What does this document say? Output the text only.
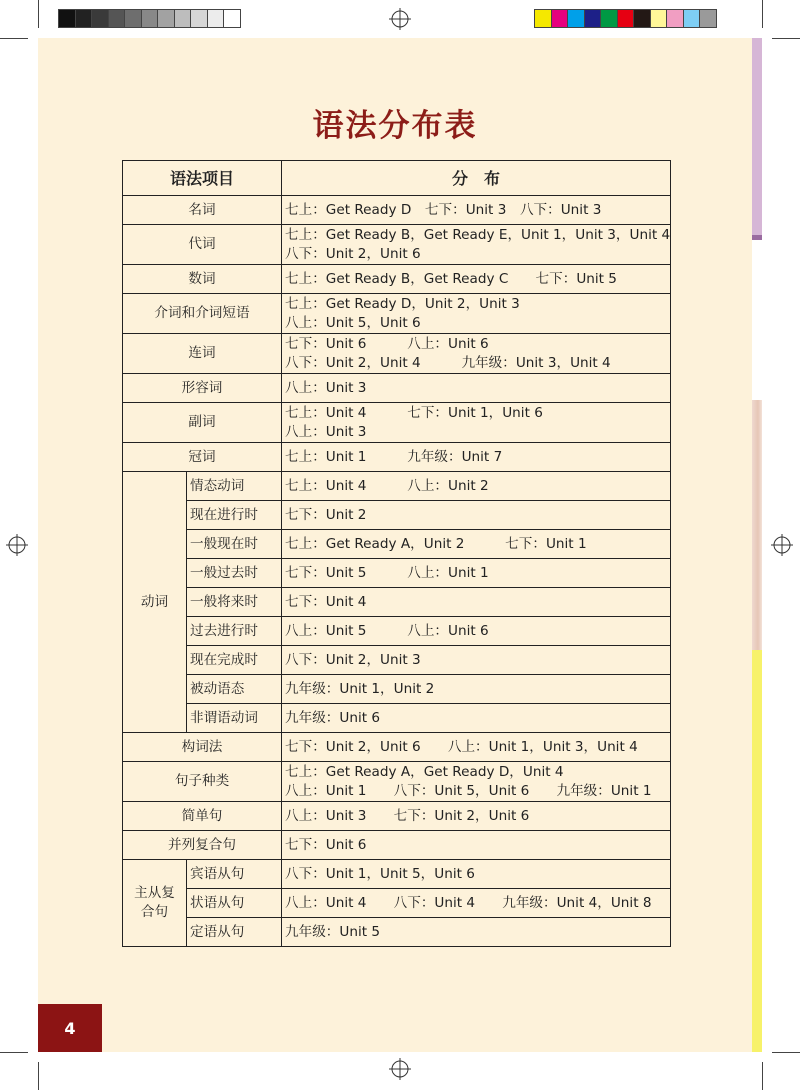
语法分布表
语法项目		分　布
名词		七上：Get Ready D　七下：Unit 3　八下：Unit 3

代词		七上：Get Ready B，Get Ready E，Unit 1，Unit 3，Unit 4
八下：Unit 2，Unit 6

数词		七上：Get Ready B，Get Ready C　　七下：Unit 5

介词和介词短语		七上：Get Ready D，Unit 2，Unit 3
八上：Unit 5，Unit 6

连词		七下：Unit 6　　　八上：Unit 6
八下：Unit 2，Unit 4　　　九年级：Unit 3，Unit 4

形容词		八上：Unit 3

副词		七上：Unit 4　　　七下：Unit 1，Unit 6
八上：Unit 3

冠词		七上：Unit 1　　　九年级：Unit 7

动词	情态动词	七上：Unit 4　　　八上：Unit 2
	现在进行时	七下：Unit 2
	一般现在时	七上：Get Ready A，Unit 2　　　七下：Unit 1
	一般过去时	七下：Unit 5　　　八上：Unit 1
	一般将来时	七下：Unit 4
	过去进行时	八上：Unit 5　　　八上：Unit 6
	现在完成时	八下：Unit 2，Unit 3
	被动语态	九年级：Unit 1，Unit 2
	非谓语动词	九年级：Unit 6
构词法		七下：Unit 2，Unit 6　　八上：Unit 1，Unit 3，Unit 4

句子种类		七上：Get Ready A，Get Ready D，Unit 4
八上：Unit 1　　八下：Unit 5，Unit 6　　九年级：Unit 1

简单句		八上：Unit 3　　七下：Unit 2，Unit 6

并列复合句		七下：Unit 6

主从复
合句	宾语从句	八下：Unit 1，Unit 5，Unit 6
	状语从句	八上：Unit 4　　八下：Unit 4　　九年级：Unit 4，Unit 8
	定语从句	九年级：Unit 5
4
